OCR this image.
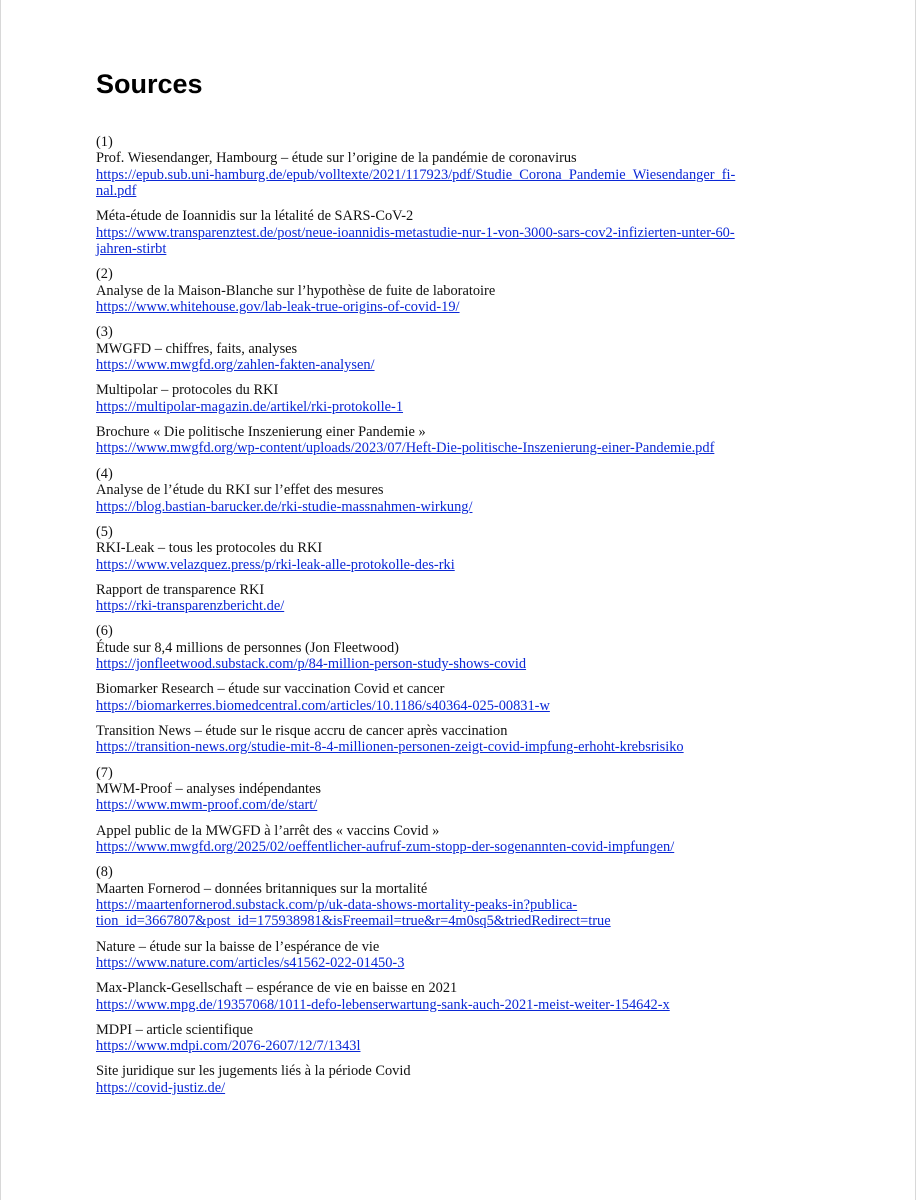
Sources
(1)
Prof. Wiesendanger, Hambourg – étude sur l’origine de la pandémie de coronavirus
https://epub.sub.uni-hamburg.de/epub/volltexte/2021/117923/pdf/Studie_Corona_Pandemie_Wiesendanger_fi-
nal.pdf
Méta-étude de Ioannidis sur la létalité de SARS-CoV-2
https://www.transparenztest.de/post/neue-ioannidis-metastudie-nur-1-von-3000-sars-cov2-infizierten-unter-60-
jahren-stirbt
(2)
Analyse de la Maison-Blanche sur l’hypothèse de fuite de laboratoire
https://www.whitehouse.gov/lab-leak-true-origins-of-covid-19/
(3)
MWGFD – chiffres, faits, analyses
https://www.mwgfd.org/zahlen-fakten-analysen/
Multipolar – protocoles du RKI
https://multipolar-magazin.de/artikel/rki-protokolle-1
Brochure « Die politische Inszenierung einer Pandemie »
https://www.mwgfd.org/wp-content/uploads/2023/07/Heft-Die-politische-Inszenierung-einer-Pandemie.pdf
(4)
Analyse de l’étude du RKI sur l’effet des mesures
https://blog.bastian-barucker.de/rki-studie-massnahmen-wirkung/
(5)
RKI-Leak – tous les protocoles du RKI
https://www.velazquez.press/p/rki-leak-alle-protokolle-des-rki
Rapport de transparence RKI
https://rki-transparenzbericht.de/
(6)
Étude sur 8,4 millions de personnes (Jon Fleetwood)
https://jonfleetwood.substack.com/p/84-million-person-study-shows-covid
Biomarker Research – étude sur vaccination Covid et cancer
https://biomarkerres.biomedcentral.com/articles/10.1186/s40364-025-00831-w
Transition News – étude sur le risque accru de cancer après vaccination
https://transition-news.org/studie-mit-8-4-millionen-personen-zeigt-covid-impfung-erhoht-krebsrisiko
(7)
MWM-Proof – analyses indépendantes
https://www.mwm-proof.com/de/start/
Appel public de la MWGFD à l’arrêt des « vaccins Covid »
https://www.mwgfd.org/2025/02/oeffentlicher-aufruf-zum-stopp-der-sogenannten-covid-impfungen/
(8)
Maarten Fornerod – données britanniques sur la mortalité
https://maartenfornerod.substack.com/p/uk-data-shows-mortality-peaks-in?publica-
tion_id=3667807&post_id=175938981&isFreemail=true&r=4m0sq5&triedRedirect=true
Nature – étude sur la baisse de l’espérance de vie
https://www.nature.com/articles/s41562-022-01450-3
Max-Planck-Gesellschaft – espérance de vie en baisse en 2021
https://www.mpg.de/19357068/1011-defo-lebenserwartung-sank-auch-2021-meist-weiter-154642-x
MDPI – article scientifique
https://www.mdpi.com/2076-2607/12/7/1343l
Site juridique sur les jugements liés à la période Covid
https://covid-justiz.de/
